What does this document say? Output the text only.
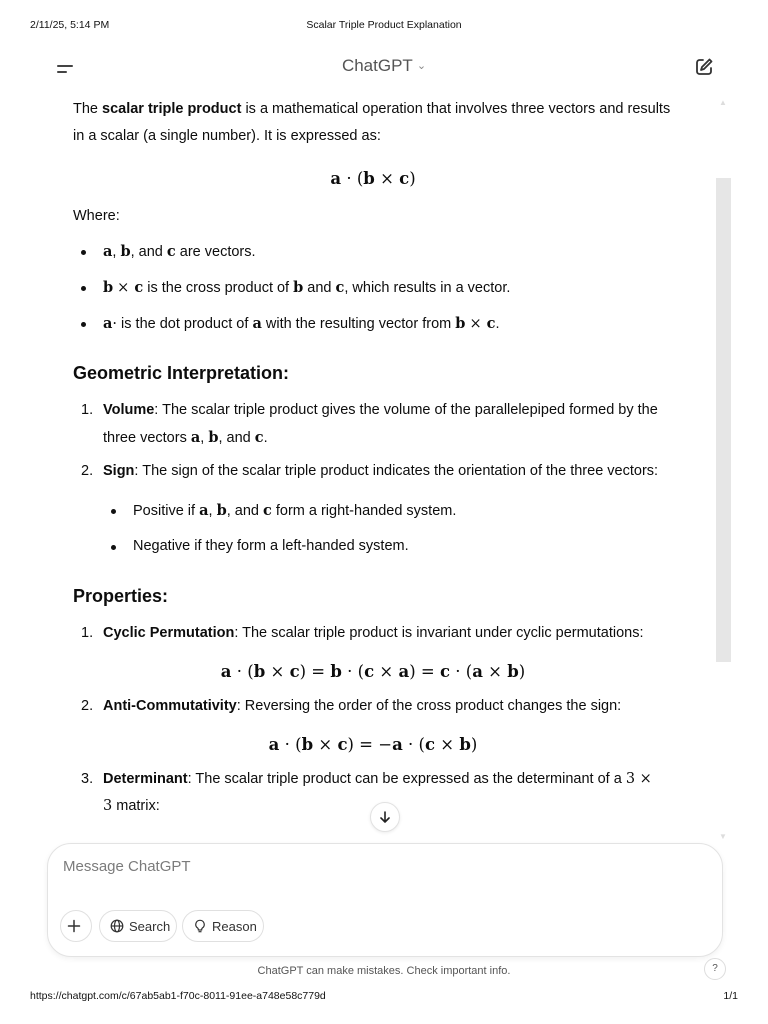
2/11/25, 5:14 PM	Scalar Triple Product Explanation
ChatGPT ⌄
▲
▼

The scalar triple product is a mathematical operation that involves three vectors and results in a scalar (a single number). It is expressed as:

a · (b × c)

Where:

a, b, and c are vectors.
b × c is the cross product of b and c, which results in a vector.
a· is the dot product of a with the resulting vector from b × c.
Geometric Interpretation:
1. Volume: The scalar triple product gives the volume of the parallelepiped formed by the three vectors a, b, and c.
2. Sign: The sign of the scalar triple product indicates the orientation of the three vectors:
Positive if a, b, and c form a right-handed system.
Negative if they form a left-handed system.
Properties:
1. Cyclic Permutation: The scalar triple product is invariant under cyclic permutations:
a · (b × c) = b · (c × a) = c · (a × b)
2. Anti-Commutativity: Reversing the order of the cross product changes the sign:
a · (b × c) = −a · (c × b)
3. Determinant: The scalar triple product can be expressed as the determinant of a 3 ×
3 matrix:
Message ChatGPT
Search	Reason
ChatGPT can make mistakes. Check important info.	?
https://chatgpt.com/c/67ab5ab1-f70c-8011-91ee-a748e58c779d	1/1
